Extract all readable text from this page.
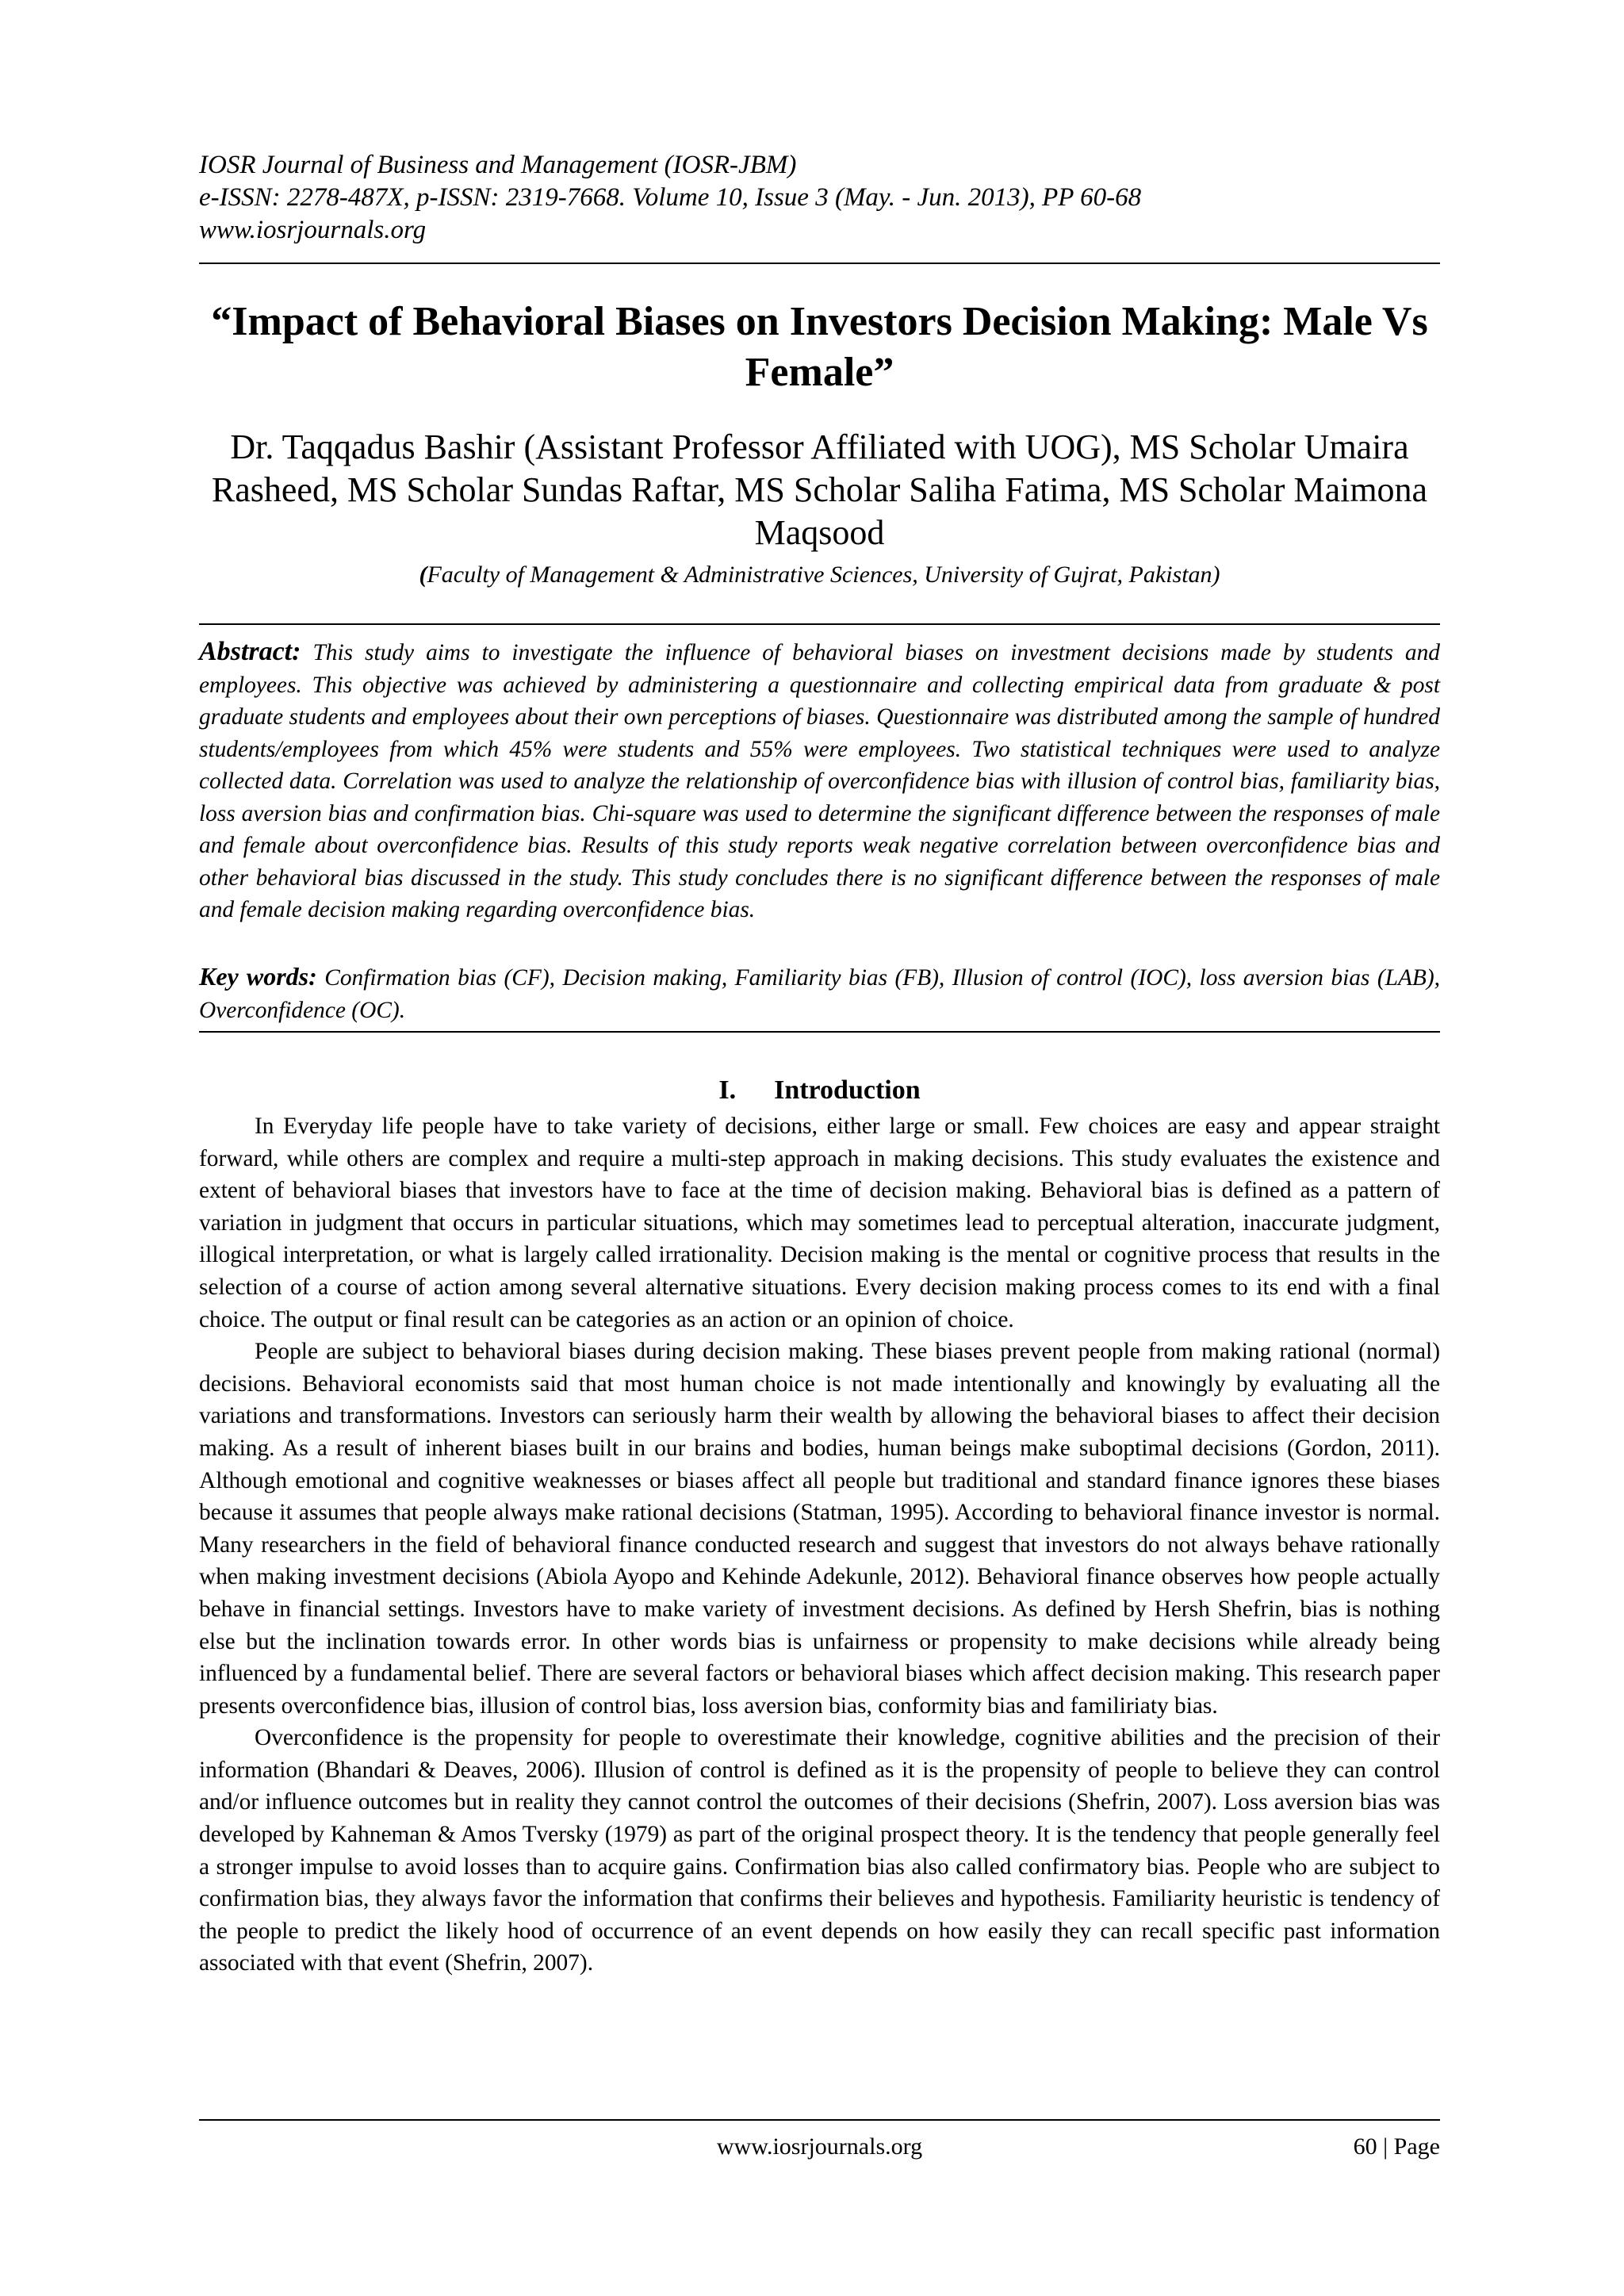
IOSR Journal of Business and Management (IOSR-JBM)
e-ISSN: 2278-487X, p-ISSN: 2319-7668. Volume 10, Issue 3 (May. - Jun. 2013), PP 60-68
www.iosrjournals.org
“Impact of Behavioral Biases on Investors Decision Making: Male Vs Female”
Dr. Taqqadus Bashir (Assistant Professor Affiliated with UOG), MS Scholar Umaira Rasheed, MS Scholar Sundas Raftar, MS Scholar Saliha Fatima, MS Scholar Maimona Maqsood
(Faculty of Management & Administrative Sciences, University of Gujrat, Pakistan)
Abstract: This study aims to investigate the influence of behavioral biases on investment decisions made by students and employees. This objective was achieved by administering a questionnaire and collecting empirical data from graduate & post graduate students and employees about their own perceptions of biases. Questionnaire was distributed among the sample of hundred students/employees from which 45% were students and 55% were employees. Two statistical techniques were used to analyze collected data. Correlation was used to analyze the relationship of overconfidence bias with illusion of control bias, familiarity bias, loss aversion bias and confirmation bias. Chi-square was used to determine the significant difference between the responses of male and female about overconfidence bias. Results of this study reports weak negative correlation between overconfidence bias and other behavioral bias discussed in the study. This study concludes there is no significant difference between the responses of male and female decision making regarding overconfidence bias.
Key words: Confirmation bias (CF), Decision making, Familiarity bias (FB), Illusion of control (IOC), loss aversion bias (LAB), Overconfidence (OC).
I. Introduction

In Everyday life people have to take variety of decisions, either large or small. Few choices are easy and appear straight forward, while others are complex and require a multi-step approach in making decisions. This study evaluates the existence and extent of behavioral biases that investors have to face at the time of decision making. Behavioral bias is defined as a pattern of variation in judgment that occurs in particular situations, which may sometimes lead to perceptual alteration, inaccurate judgment, illogical interpretation, or what is largely called irrationality. Decision making is the mental or cognitive process that results in the selection of a course of action among several alternative situations. Every decision making process comes to its end with a final choice. The output or final result can be categories as an action or an opinion of choice.

People are subject to behavioral biases during decision making. These biases prevent people from making rational (normal) decisions. Behavioral economists said that most human choice is not made intentionally and knowingly by evaluating all the variations and transformations. Investors can seriously harm their wealth by allowing the behavioral biases to affect their decision making. As a result of inherent biases built in our brains and bodies, human beings make suboptimal decisions (Gordon, 2011). Although emotional and cognitive weaknesses or biases affect all people but traditional and standard finance ignores these biases because it assumes that people always make rational decisions (Statman, 1995). According to behavioral finance investor is normal. Many researchers in the field of behavioral finance conducted research and suggest that investors do not always behave rationally when making investment decisions (Abiola Ayopo and Kehinde Adekunle, 2012). Behavioral finance observes how people actually behave in financial settings. Investors have to make variety of investment decisions. As defined by Hersh Shefrin, bias is nothing else but the inclination towards error. In other words bias is unfairness or propensity to make decisions while already being influenced by a fundamental belief. There are several factors or behavioral biases which affect decision making. This research paper presents overconfidence bias, illusion of control bias, loss aversion bias, conformity bias and familiriaty bias.

Overconfidence is the propensity for people to overestimate their knowledge, cognitive abilities and the precision of their information (Bhandari & Deaves, 2006). Illusion of control is defined as it is the propensity of people to believe they can control and/or influence outcomes but in reality they cannot control the outcomes of their decisions (Shefrin, 2007). Loss aversion bias was developed by Kahneman & Amos Tversky (1979) as part of the original prospect theory. It is the tendency that people generally feel a stronger impulse to avoid losses than to acquire gains. Confirmation bias also called confirmatory bias. People who are subject to confirmation bias, they always favor the information that confirms their believes and hypothesis. Familiarity heuristic is tendency of the people to predict the likely hood of occurrence of an event depends on how easily they can recall specific past information associated with that event (Shefrin, 2007).

www.iosrjournals.org	60 | Page
